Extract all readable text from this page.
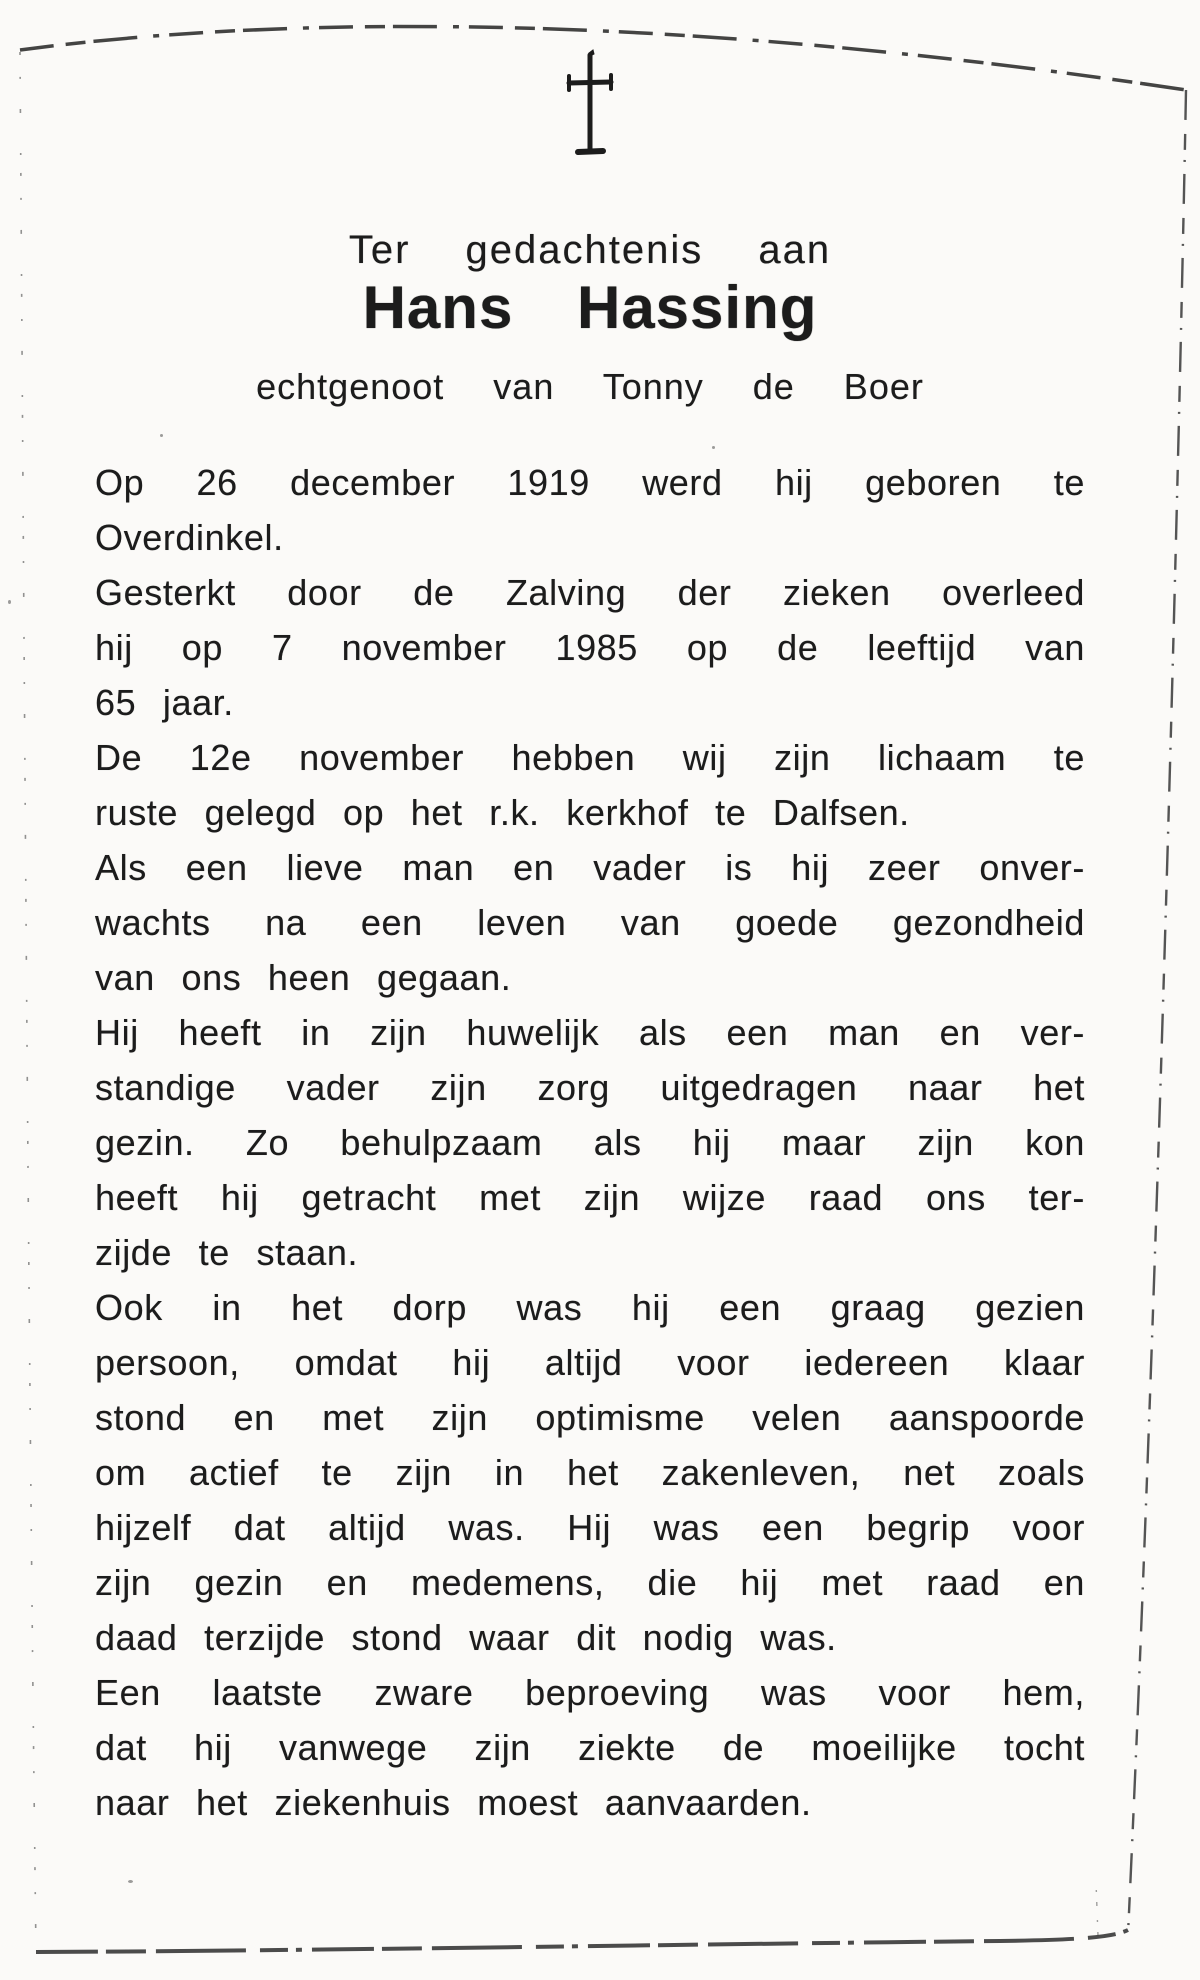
Ter gedachtenis aan
Hans Hassing
echtgenoot van Tonny de Boer
Op 26 december 1919 werd hij geboren te
Overdinkel.
Gesterkt door de Zalving der zieken overleed
hij op 7 november 1985 op de leeftijd van
65 jaar.
De 12e november hebben wij zijn lichaam te
ruste gelegd op het r.k. kerkhof te Dalfsen.
Als een lieve man en vader is hij zeer onver-
wachts na een leven van goede gezondheid
van ons heen gegaan.
Hij heeft in zijn huwelijk als een man en ver-
standige vader zijn zorg uitgedragen naar het
gezin. Zo behulpzaam als hij maar zijn kon
heeft hij getracht met zijn wijze raad ons ter-
zijde te staan.
Ook in het dorp was hij een graag gezien
persoon, omdat hij altijd voor iedereen klaar
stond en met zijn optimisme velen aanspoorde
om actief te zijn in het zakenleven, net zoals
hijzelf dat altijd was. Hij was een begrip voor
zijn gezin en medemens, die hij met raad en
daad terzijde stond waar dit nodig was.
Een laatste zware beproeving was voor hem,
dat hij vanwege zijn ziekte de moeilijke tocht
naar het ziekenhuis moest aanvaarden.
